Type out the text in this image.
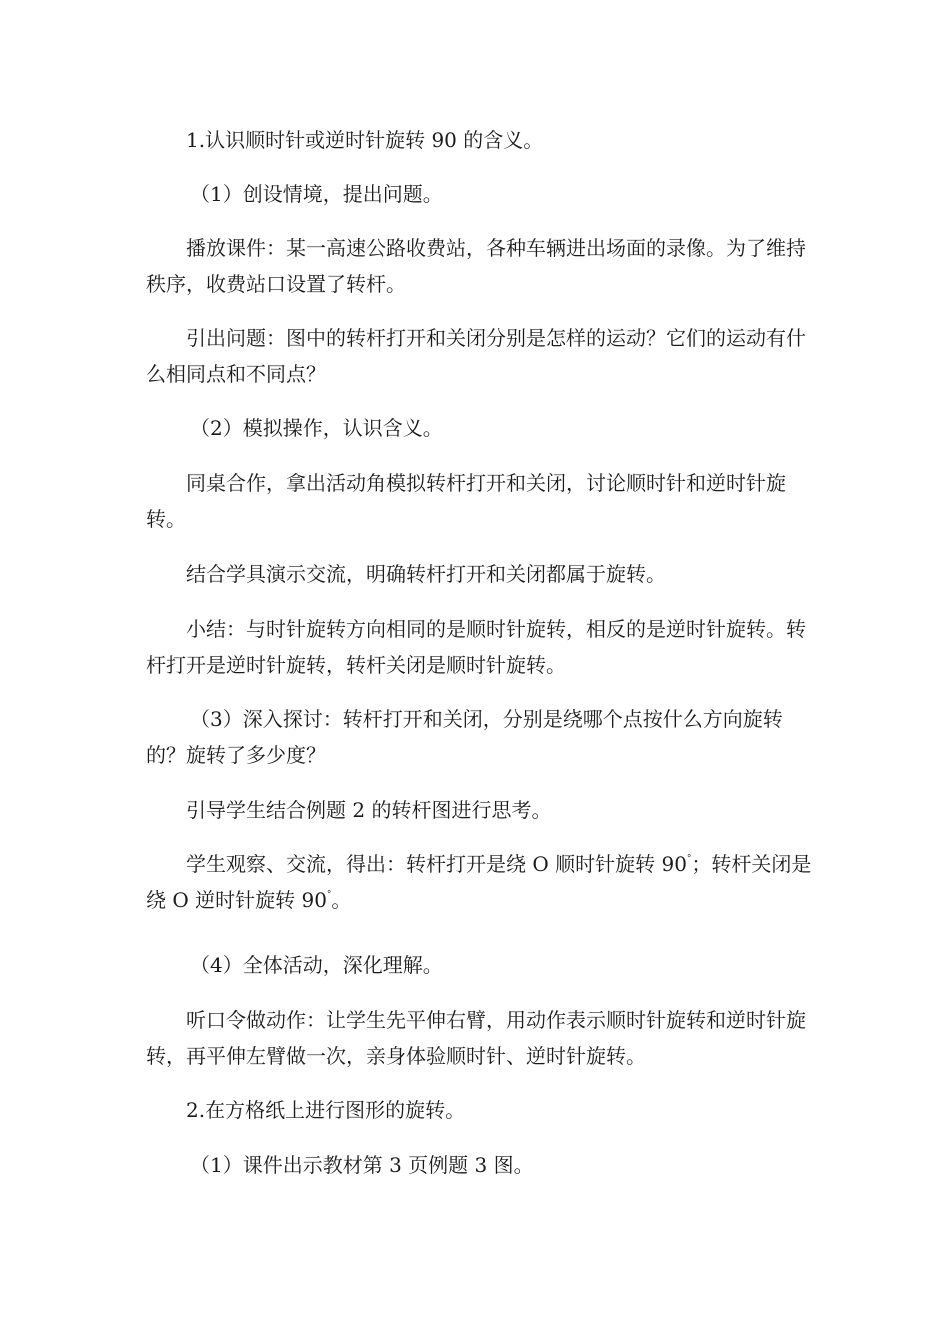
1.认识顺时针或逆时针旋转 90 的含义。

（1）创设情境，提出问题。

播放课件：某一高速公路收费站，各种车辆进出场面的录像。为了维持秩序，收费站口设置了转杆。

引出问题：图中的转杆打开和关闭分别是怎样的运动？它们的运动有什么相同点和不同点？

（2）模拟操作，认识含义。

同桌合作，拿出活动角模拟转杆打开和关闭，讨论顺时针和逆时针旋转。

结合学具演示交流，明确转杆打开和关闭都属于旋转。

小结：与时针旋转方向相同的是顺时针旋转，相反的是逆时针旋转。转杆打开是逆时针旋转，转杆关闭是顺时针旋转。

（3）深入探讨：转杆打开和关闭，分别是绕哪个点按什么方向旋转的？旋转了多少度？

引导学生结合例题 2 的转杆图进行思考。

学生观察、交流，得出：转杆打开是绕 O 顺时针旋转 90°；转杆关闭是绕 O 逆时针旋转 90°。

（4）全体活动，深化理解。

听口令做动作：让学生先平伸右臂，用动作表示顺时针旋转和逆时针旋转，再平伸左臂做一次，亲身体验顺时针、逆时针旋转。

2.在方格纸上进行图形的旋转。

（1）课件出示教材第 3 页例题 3 图。
